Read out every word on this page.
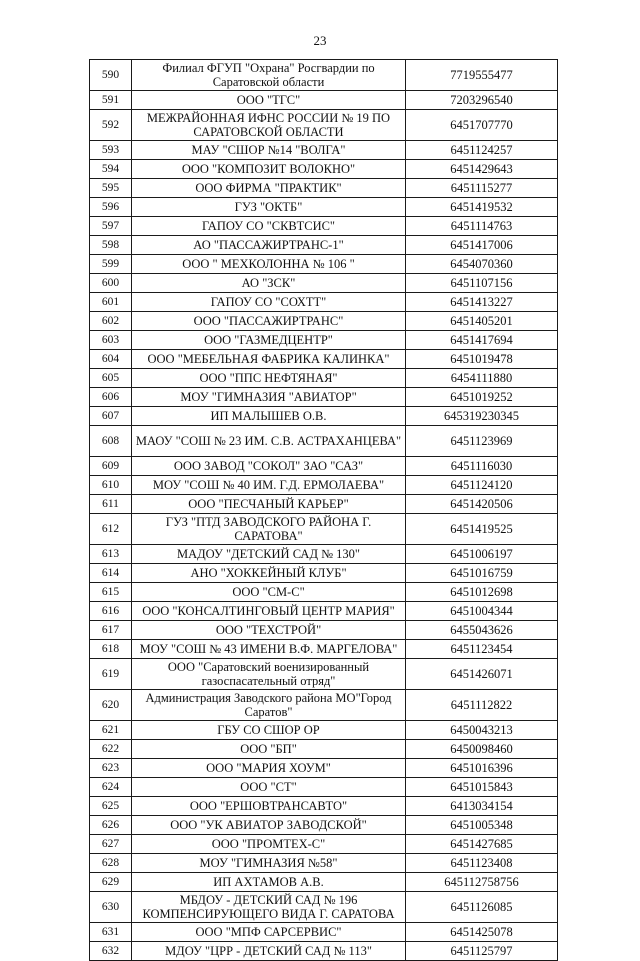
23
590	Филиал ФГУП "Охрана" Росгвардии по Саратовской области	7719555477
591	ООО "ТГС"	7203296540
592	МЕЖРАЙОННАЯ ИФНС РОССИИ № 19 ПО САРАТОВСКОЙ ОБЛАСТИ	6451707770
593	МАУ "СШОР №14 "ВОЛГА"	6451124257
594	ООО "КОМПОЗИТ ВОЛОКНО"	6451429643
595	ООО ФИРМА "ПРАКТИК"	6451115277
596	ГУЗ "ОКТБ"	6451419532
597	ГАПОУ СО "СКВТСИС"	6451114763
598	АО "ПАССАЖИРТРАНС-1"	6451417006
599	ООО " МЕХКОЛОННА № 106 "	6454070360
600	АО "ЗСК"	6451107156
601	ГАПОУ СО "СОХТТ"	6451413227
602	ООО "ПАССАЖИРТРАНС"	6451405201
603	ООО "ГАЗМЕДЦЕНТР"	6451417694
604	ООО "МЕБЕЛЬНАЯ ФАБРИКА КАЛИНКА"	6451019478
605	ООО "ППС НЕФТЯНАЯ"	6454111880
606	МОУ "ГИМНАЗИЯ "АВИАТОР"	6451019252
607	ИП МАЛЫШЕВ О.В.	645319230345
608	МАОУ "СОШ № 23 ИМ. С.В. АСТРАХАНЦЕВА"	6451123969
609	ООО ЗАВОД "СОКОЛ" ЗАО "САЗ"	6451116030
610	МОУ "СОШ № 40 ИМ. Г.Д. ЕРМОЛАЕВА"	6451124120
611	ООО "ПЕСЧАНЫЙ КАРЬЕР"	6451420506
612	ГУЗ "ПТД ЗАВОДСКОГО РАЙОНА Г. САРАТОВА"	6451419525
613	МАДОУ "ДЕТСКИЙ САД № 130"	6451006197
614	АНО "ХОККЕЙНЫЙ КЛУБ"	6451016759
615	ООО "СМ-С"	6451012698
616	ООО "КОНСАЛТИНГОВЫЙ ЦЕНТР МАРИЯ"	6451004344
617	ООО "ТЕХСТРОЙ"	6455043626
618	МОУ "СОШ № 43 ИМЕНИ В.Ф. МАРГЕЛОВА"	6451123454
619	ООО "Саратовский военизированный газоспасательный отряд"	6451426071
620	Администрация Заводского района МО"Город Саратов"	6451112822
621	ГБУ СО СШОР ОР	6450043213
622	ООО "БП"	6450098460
623	ООО "МАРИЯ ХОУМ"	6451016396
624	ООО "СТ"	6451015843
625	ООО "ЕРШОВТРАНСАВТО"	6413034154
626	ООО "УК АВИАТОР ЗАВОДСКОЙ"	6451005348
627	ООО "ПРОМТЕХ-С"	6451427685
628	МОУ "ГИМНАЗИЯ №58"	6451123408
629	ИП АХТАМОВ А.В.	645112758756
630	МБДОУ - ДЕТСКИЙ САД № 196 КОМПЕНСИРУЮЩЕГО ВИДА Г. САРАТОВА	6451126085
631	ООО "МПФ САРСЕРВИС"	6451425078
632	МДОУ "ЦРР - ДЕТСКИЙ САД № 113"	6451125797
